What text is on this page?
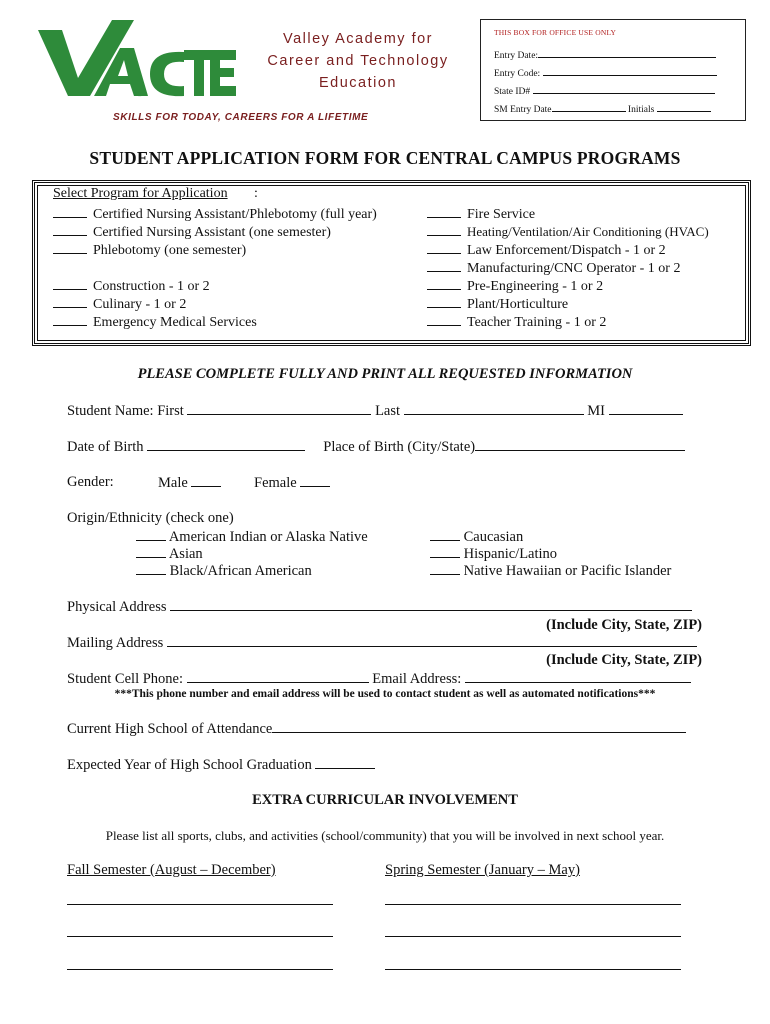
VACTE
Valley Academy for
Career and Technology
Education
SKILLS FOR TODAY, CAREERS FOR A LIFETIME
THIS BOX FOR OFFICE USE ONLY
Entry Date:
Entry Code:
State ID#
SM Entry Date	Initials
STUDENT APPLICATION FORM FOR CENTRAL CAMPUS PROGRAMS
Select Program for Application :
Certified Nursing Assistant/Phlebotomy (full year)
Certified Nursing Assistant (one semester)
Phlebotomy (one semester)
Construction - 1 or 2
Culinary - 1 or 2
Emergency Medical Services
Fire Service
Heating/Ventilation/Air Conditioning (HVAC)
Law Enforcement/Dispatch - 1 or 2
Manufacturing/CNC Operator - 1 or 2
Pre-Engineering - 1 or 2
Plant/Horticulture
Teacher Training - 1 or 2
PLEASE COMPLETE FULLY AND PRINT ALL REQUESTED INFORMATION
Student Name: First	Last	MI
Date of Birth	Place of Birth (City/State)
Gender:	Male	Female
Origin/Ethnicity (check one)
American Indian or Alaska Native
Asian
Black/African American
Caucasian
Hispanic/Latino
Native Hawaiian or Pacific Islander
Physical Address
(Include City, State, ZIP)
Mailing Address
(Include City, State, ZIP)
Student Cell Phone:	Email Address:
***This phone number and email address will be used to contact student as well as automated notifications***
Current High School of Attendance
Expected Year of High School Graduation
EXTRA CURRICULAR INVOLVEMENT
Please list all sports, clubs, and activities (school/community) that you will be involved in next school year.
Fall Semester (August – December)	Spring Semester (January – May)
